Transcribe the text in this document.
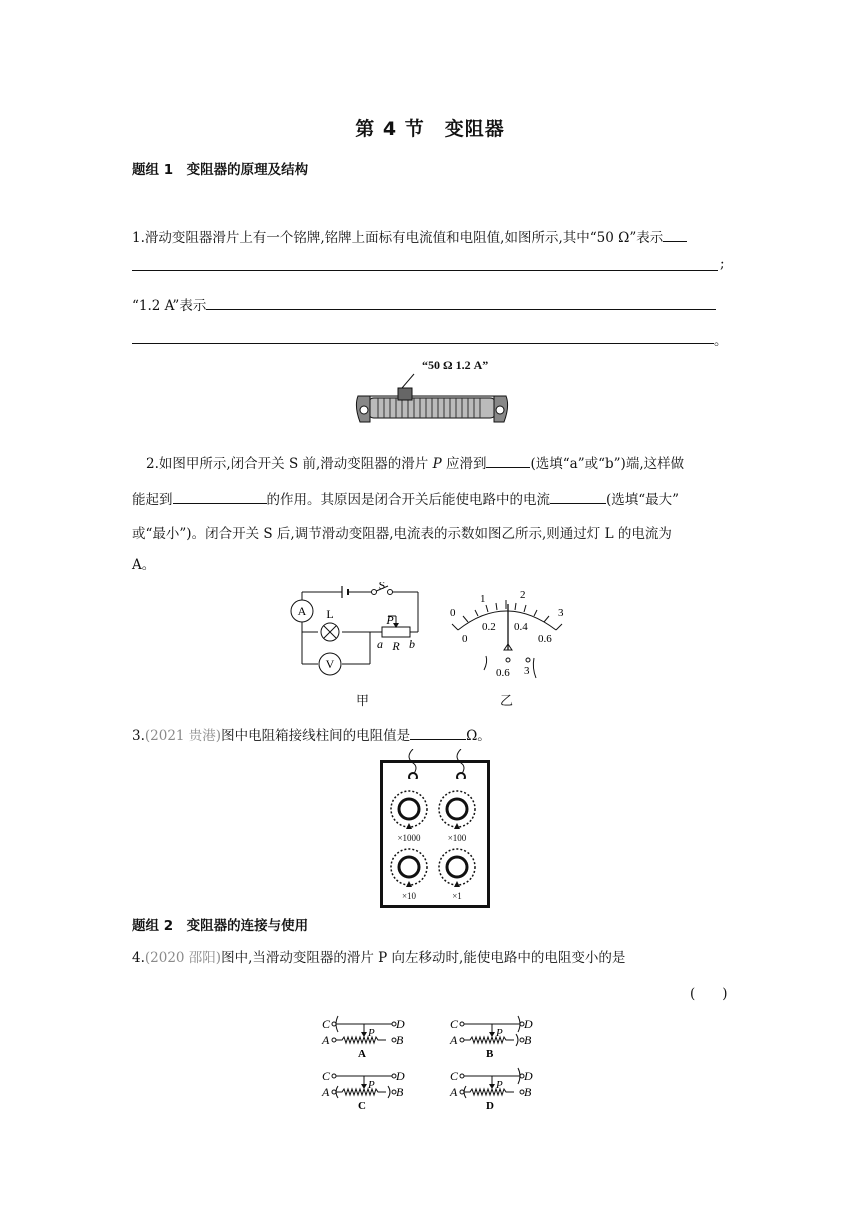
第 4 节　变阻器
题组 1　变阻器的原理及结构
1.滑动变阻器滑片上有一个铭牌,铭牌上面标有电流值和电阻值,如图所示,其中“50 Ω”表示
;
“1.2 A”表示
。
“50 Ω 1.2 A”
2.如图甲所示,闭合开关 S 前,滑动变阻器的滑片 P 应滑到	(选填“a”或“b”)端,这样做
能起到	的作用。其原因是闭合开关后能使电路中的电流	(选填“最大”
或“最小”)。闭合开关 S 后,调节滑动变阻器,电流表的示数如图乙所示,则通过灯 L 的电流为
A。
A
S
L	P
a R b
V
甲
0
1	2
3
0
0.2 0.4
0.6
0.6 3
乙
3.(2021 贵港)图中电阻箱接线柱间的电阻值是	Ω。
×1000	×100
×10	×1
题组 2　变阻器的连接与使用
4.(2020 邵阳)图中,当滑动变阻器的滑片 P 向左移动时,能使电路中的电阻变小的是
(　　)
C	D
P
A	B
A
C	D
P
A	B
B
C	D
P
A	B
C
C	D
P
A	B
D
